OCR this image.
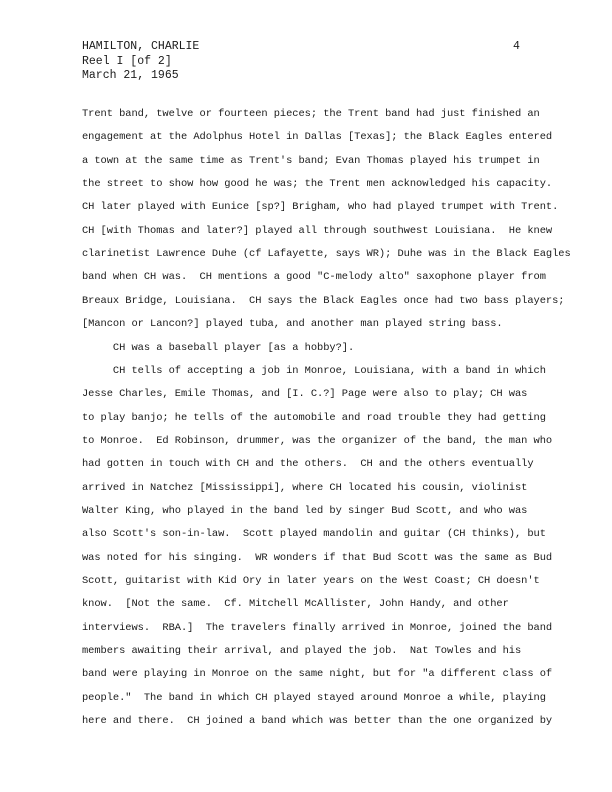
HAMILTON, CHARLIE
Reel I [of 2]
March 21, 1965
4
Trent band, twelve or fourteen pieces; the Trent band had just finished an
engagement at the Adolphus Hotel in Dallas [Texas]; the Black Eagles entered
a town at the same time as Trent's band; Evan Thomas played his trumpet in
the street to show how good he was; the Trent men acknowledged his capacity.
CH later played with Eunice [sp?] Brigham, who had played trumpet with Trent.
CH [with Thomas and later?] played all through southwest Louisiana.  He knew
clarinetist Lawrence Duhe (cf Lafayette, says WR); Duhe was in the Black Eagles
band when CH was.  CH mentions a good "C-melody alto" saxophone player from
Breaux Bridge, Louisiana.  CH says the Black Eagles once had two bass players;
[Mancon or Lancon?] played tuba, and another man played string bass.
CH was a baseball player [as a hobby?].
CH tells of accepting a job in Monroe, Louisiana, with a band in which
Jesse Charles, Emile Thomas, and [I. C.?] Page were also to play; CH was
to play banjo; he tells of the automobile and road trouble they had getting
to Monroe.  Ed Robinson, drummer, was the organizer of the band, the man who
had gotten in touch with CH and the others.  CH and the others eventually
arrived in Natchez [Mississippi], where CH located his cousin, violinist
Walter King, who played in the band led by singer Bud Scott, and who was
also Scott's son-in-law.  Scott played mandolin and guitar (CH thinks), but
was noted for his singing.  WR wonders if that Bud Scott was the same as Bud
Scott, guitarist with Kid Ory in later years on the West Coast; CH doesn't
know.  [Not the same.  Cf. Mitchell McAllister, John Handy, and other
interviews.  RBA.]  The travelers finally arrived in Monroe, joined the band
members awaiting their arrival, and played the job.  Nat Towles and his
band were playing in Monroe on the same night, but for "a different class of
people."  The band in which CH played stayed around Monroe a while, playing
here and there.  CH joined a band which was better than the one organized by
